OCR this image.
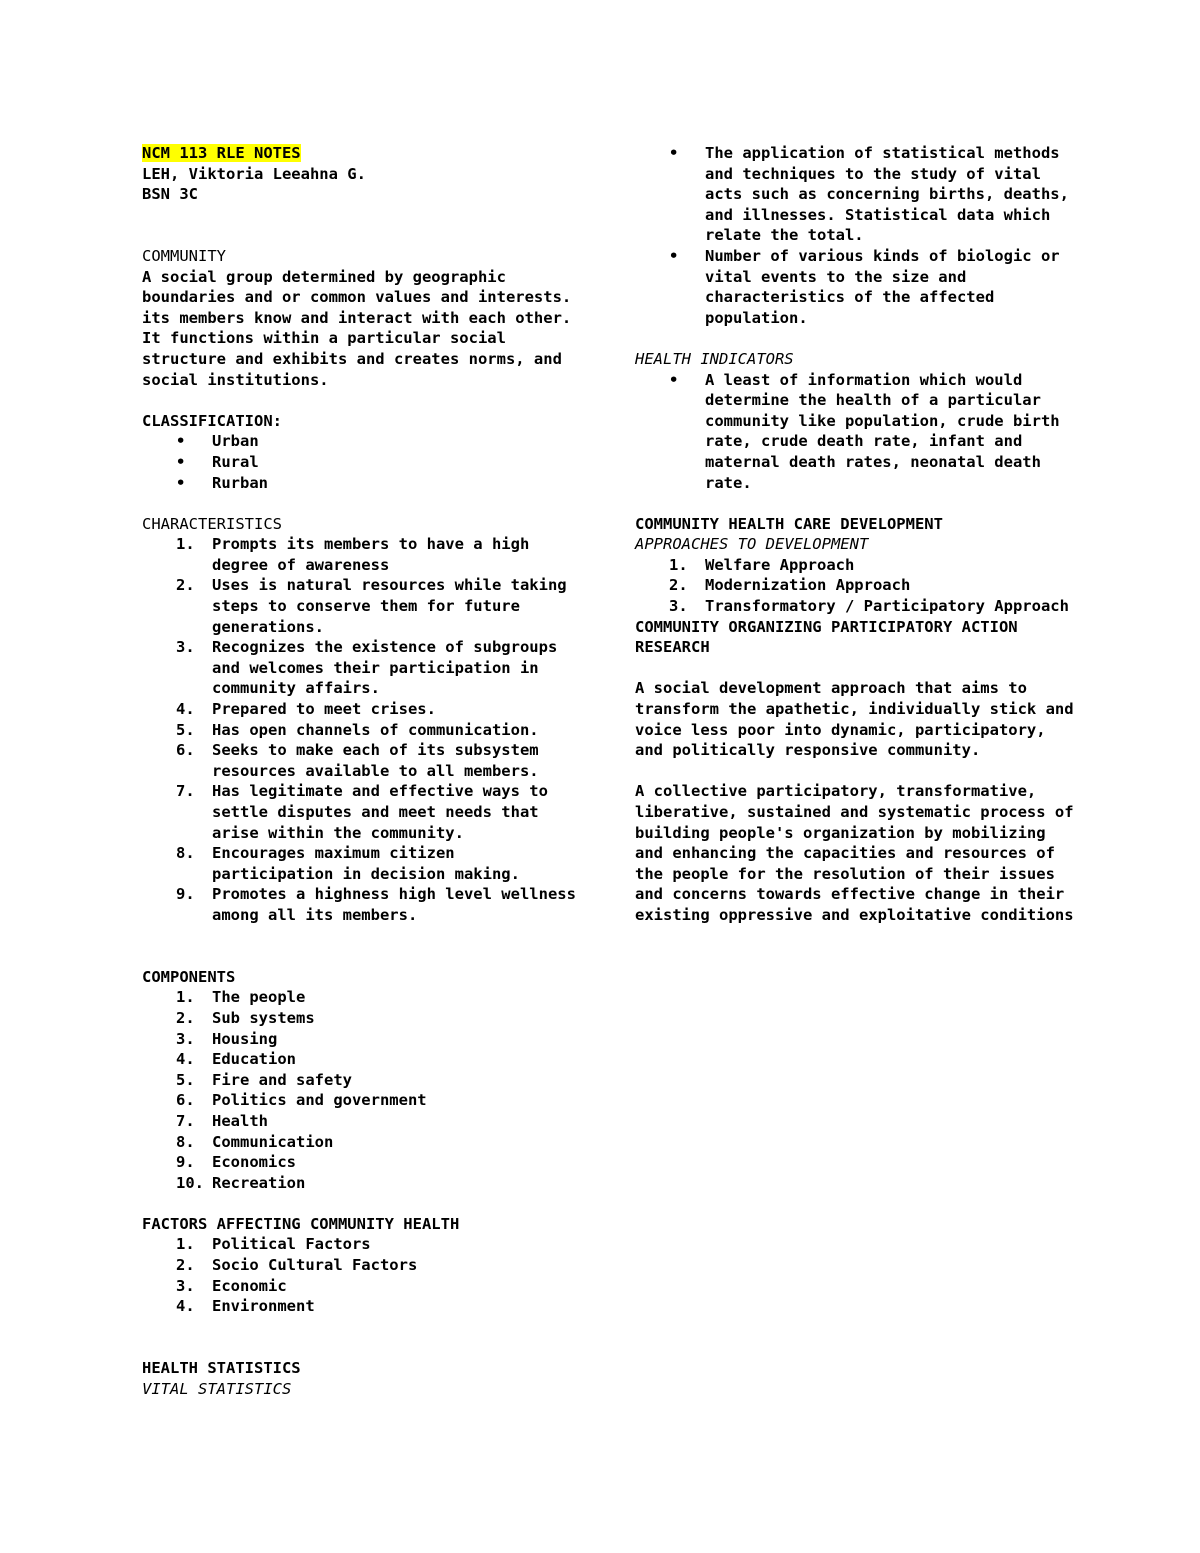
NCM 113 RLE NOTES

LEH, Viktoria Leeahna G.

BSN 3C

COMMUNITY

A social group determined by geographic boundaries and or common values and interests. its members know and interact with each other.  It functions within a particular social structure and exhibits and creates norms, and social institutions.

CLASSIFICATION:

• Urban
• Rural
• Rurban

CHARACTERISTICS

1. Prompts its members to have a high degree of awareness
2. Uses is natural resources while taking steps to conserve them for future generations.
3. Recognizes the existence of subgroups and welcomes their participation in community affairs.
4. Prepared to meet crises.
5. Has open channels of communication.
6. Seeks to make each of its subsystem resources available to all members.
7. Has legitimate and effective ways to settle disputes and meet needs that arise within the community.
8. Encourages maximum citizen participation in decision making.
9. Promotes a highness high level wellness among all its members.

COMPONENTS

1. The people
2. Sub systems
3. Housing
4. Education
5. Fire and safety
6. Politics and government
7. Health
8. Communication
9. Economics
10. Recreation

FACTORS AFFECTING COMMUNITY HEALTH

1. Political Factors
2. Socio Cultural Factors
3. Economic
4. Environment

HEALTH STATISTICS

VITAL STATISTICS

• The application of statistical methods and techniques to the study of vital acts such as concerning births, deaths, and illnesses. Statistical data which relate the total.
• Number of various kinds of biologic or vital events to the size and characteristics of the affected population.

HEALTH INDICATORS

• A least of information which would determine the health of a particular community like population, crude birth rate, crude death rate, infant and maternal death rates, neonatal death rate.

COMMUNITY HEALTH CARE DEVELOPMENT

APPROACHES TO DEVELOPMENT

1. Welfare Approach
2. Modernization Approach
3. Transformatory / Participatory Approach

COMMUNITY ORGANIZING PARTICIPATORY ACTION RESEARCH

A social development approach that aims to transform the apathetic, individually stick and voice less poor into dynamic, participatory, and politically responsive community.

A collective participatory, transformative, liberative, sustained and systematic process of building people's organization by mobilizing and enhancing the capacities and resources of the people for the resolution of their issues and concerns towards effective change in their existing oppressive and exploitative conditions
